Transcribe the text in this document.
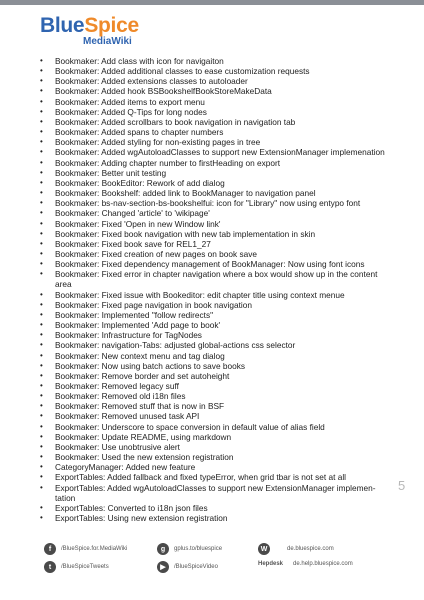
BlueSpice
MediaWiki
• Bookmaker: Add class with icon for navigaiton
• Bookmaker: Added additional classes to ease customization requests
• Bookmaker: Added extensions classes to autoloader
• Bookmaker: Added hook BSBookshelfBookStoreMakeData
• Bookmaker: Added items to export menu
• Bookmaker: Added Q-Tips for long nodes
• Bookmaker: Added scrollbars to book navigation in navigation tab
• Bookmaker: Added spans to chapter numbers
• Bookmaker: Added styling for non-existing pages in tree
• Bookmaker: Added wgAutoloadClasses to support new ExtensionManager implemenation
• Bookmaker: Adding chapter number to firstHeading on export
• Bookmaker: Better unit testing
• Bookmaker: BookEditor: Rework of add dialog
• Bookmaker: Bookshelf: added link to BookManager to navigation panel
• Bookmaker: bs-nav-section-bs-bookshelfui: icon for "Library" now using entypo font
• Bookmaker: Changed 'article' to 'wikipage'
• Bookmaker: Fixed 'Open in new Window link'
• Bookmaker: Fixed book navigation with new tab implementation in skin
• Bookmaker: Fixed book save for REL1_27
• Bookmaker: Fixed creation of new pages on book save
• Bookmaker: Fixed dependency management of BookManager: Now using font icons
• Bookmaker: Fixed error in chapter navigation where a box would show up in the content area
• Bookmaker: Fixed issue with Bookeditor: edit chapter title using context menue
• Bookmaker: Fixed page navigation in book navigation
• Bookmaker: Implemented "follow redirects"
• Bookmaker: Implemented 'Add page to book'
• Bookmaker: Infrastructure for TagNodes
• Bookmaker: navigation-Tabs: adjusted global-actions css selector
• Bookmaker: New context menu and tag dialog
• Bookmaker: Now using batch actions to save books
• Bookmaker: Remove border and set autoheight
• Bookmaker: Removed legacy suff
• Bookmaker: Removed old i18n files
• Bookmaker: Removed stuff that is now in BSF
• Bookmaker: Removed unused task API
• Bookmaker: Underscore to space conversion in default value of alias field
• Bookmaker: Update README, using markdown
• Bookmaker: Use unobtrusive alert
• Bookmaker: Used the new extension registration
• CategoryManager: Added new feature
• ExportTables: Added fallback and fixed typeError, when grid tbar is not set at all
• ExportTables: Added wgAutoloadClasses to support new ExtensionManager implemen- tation
• ExportTables: Converted to i18n json files
• ExportTables: Using new extension registration
5
f	/BlueSpice.for.MediaWiki	g	gplus.to/bluespice	W	de.bluespice.com
t	/BlueSpiceTweets	▶	/BlueSpiceVideo	Hepdesk de.help.bluespice.com
